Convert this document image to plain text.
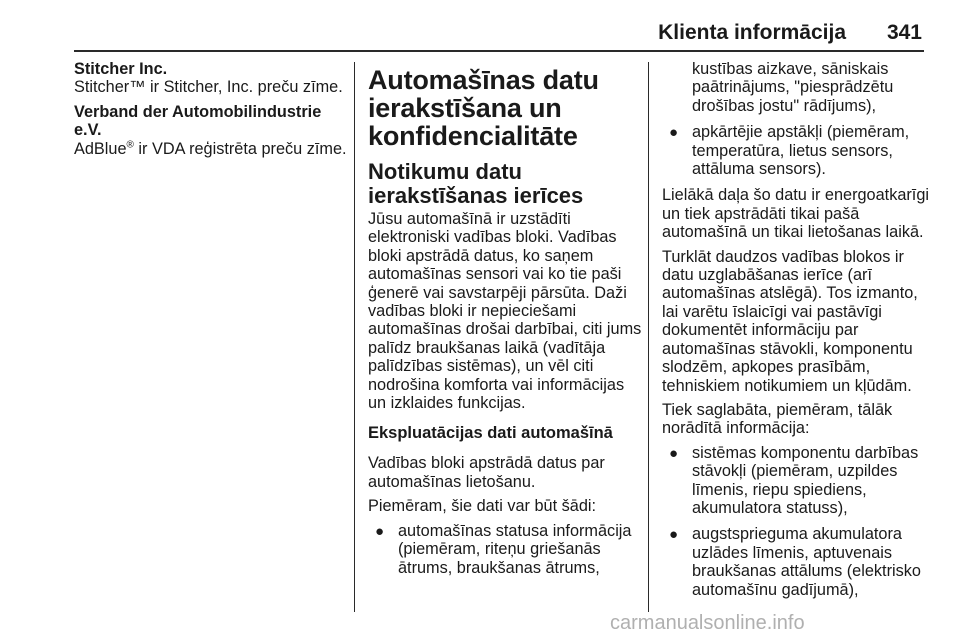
Klienta informācija 341

Stitcher Inc.
Stitcher™ ir Stitcher, Inc. preču zīme.

Verband der Automobilindustrie e.V.
AdBlue® ir VDA reģistrēta preču zīme.

Automašīnas datu
ierakstīšana un
konfidencialitāte
Notikumu datu
ierakstīšanas ierīces

Jūsu automašīnā ir uzstādīti
elektroniski vadības bloki. Vadības
bloki apstrādā datus, ko saņem
automašīnas sensori vai ko tie paši
ģenerē vai savstarpēji pārsūta. Daži
vadības bloki ir nepieciešami
automašīnas drošai darbībai, citi jums
palīdz braukšanas laikā (vadītāja
palīdzības sistēmas), un vēl citi
nodrošina komforta vai informācijas
un izklaides funkcijas.

Ekspluatācijas dati automašīnā

Vadības bloki apstrādā datus par
automašīnas lietošanu.

Piemēram, šie dati var būt šādi:

● automašīnas statusa informācija
(piemēram, riteņu griešanās
ātrums, braukšanas ātrums,
kustības aizkave, sāniskais
paātrinājums, "piesprādzētu
drošības jostu" rādījums),
● apkārtējie apstākļi (piemēram,
temperatūra, lietus sensors,
attāluma sensors).

Lielākā daļa šo datu ir energoatkarīgi
un tiek apstrādāti tikai pašā
automašīnā un tikai lietošanas laikā.

Turklāt daudzos vadības blokos ir
datu uzglabāšanas ierīce (arī
automašīnas atslēgā). Tos izmanto,
lai varētu īslaicīgi vai pastāvīgi
dokumentēt informāciju par
automašīnas stāvokli, komponentu
slodzēm, apkopes prasībām,
tehniskiem notikumiem un kļūdām.

Tiek saglabāta, piemēram, tālāk
norādītā informācija:

● sistēmas komponentu darbības
stāvokļi (piemēram, uzpildes
līmenis, riepu spiediens,
akumulatora statuss),
● augstsprieguma akumulatora
uzlādes līmenis, aptuvenais
braukšanas attālums (elektrisko
automašīnu gadījumā),
carmanualsonline.info
